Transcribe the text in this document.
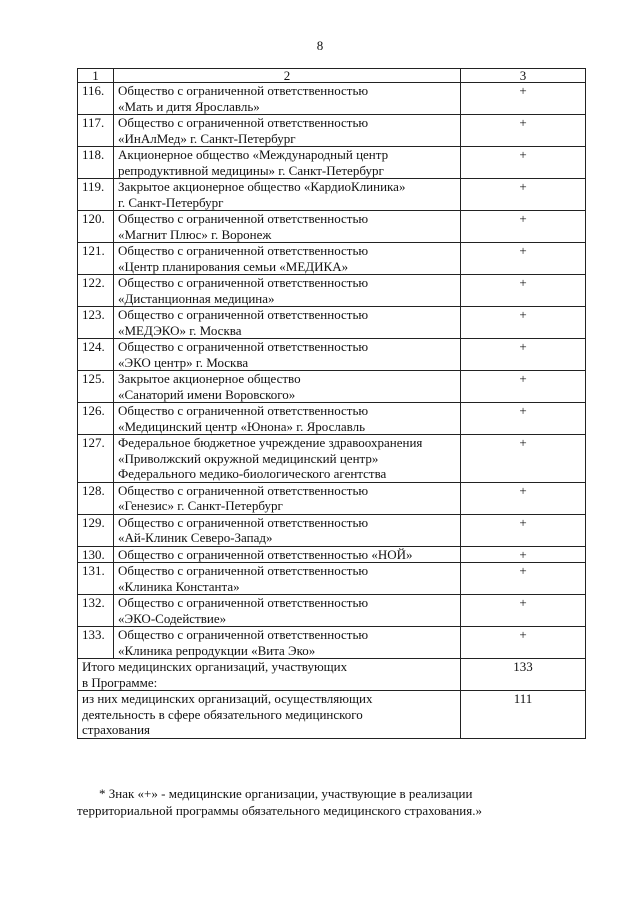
8
1	2	3
116.	Общество с ограниченной ответственностью
«Мать и дитя Ярославль»	+
117.	Общество с ограниченной ответственностью
«ИнАлМед» г. Санкт-Петербург	+
118.	Акционерное общество «Международный центр
репродуктивной медицины» г. Санкт-Петербург	+
119.	Закрытое акционерное общество «КардиоКлиника»
г. Санкт-Петербург	+
120.	Общество с ограниченной ответственностью
«Магнит Плюс» г. Воронеж	+
121.	Общество с ограниченной ответственностью
«Центр планирования семьи «МЕДИКА»	+
122.	Общество с ограниченной ответственностью
«Дистанционная медицина»	+
123.	Общество с ограниченной ответственностью
«МЕДЭКО» г. Москва	+
124.	Общество с ограниченной ответственностью
«ЭКО центр» г. Москва	+
125.	Закрытое акционерное общество
«Санаторий имени Воровского»	+
126.	Общество с ограниченной ответственностью
«Медицинский центр «Юнона» г. Ярославль	+
127.	Федеральное бюджетное учреждение здравоохранения
«Приволжский окружной медицинский центр»
Федерального медико-биологического агентства	+
128.	Общество с ограниченной ответственностью
«Генезис» г. Санкт-Петербург	+
129.	Общество с ограниченной ответственностью
«Ай-Клиник Северо-Запад»	+
130.	Общество с ограниченной ответственностью «НОЙ»	+
131.	Общество с ограниченной ответственностью
«Клиника Константа»	+
132.	Общество с ограниченной ответственностью
«ЭКО-Содействие»	+
133.	Общество с ограниченной ответственностью
«Клиника репродукции «Вита Эко»	+

Итого медицинских организаций, участвующих
в Программе:		133

из них медицинских организаций, осуществляющих
деятельность в сфере обязательного медицинского
страхования		111
* Знак «+» - медицинские организации, участвующие в реализации
территориальной программы обязательного медицинского страхования.»
